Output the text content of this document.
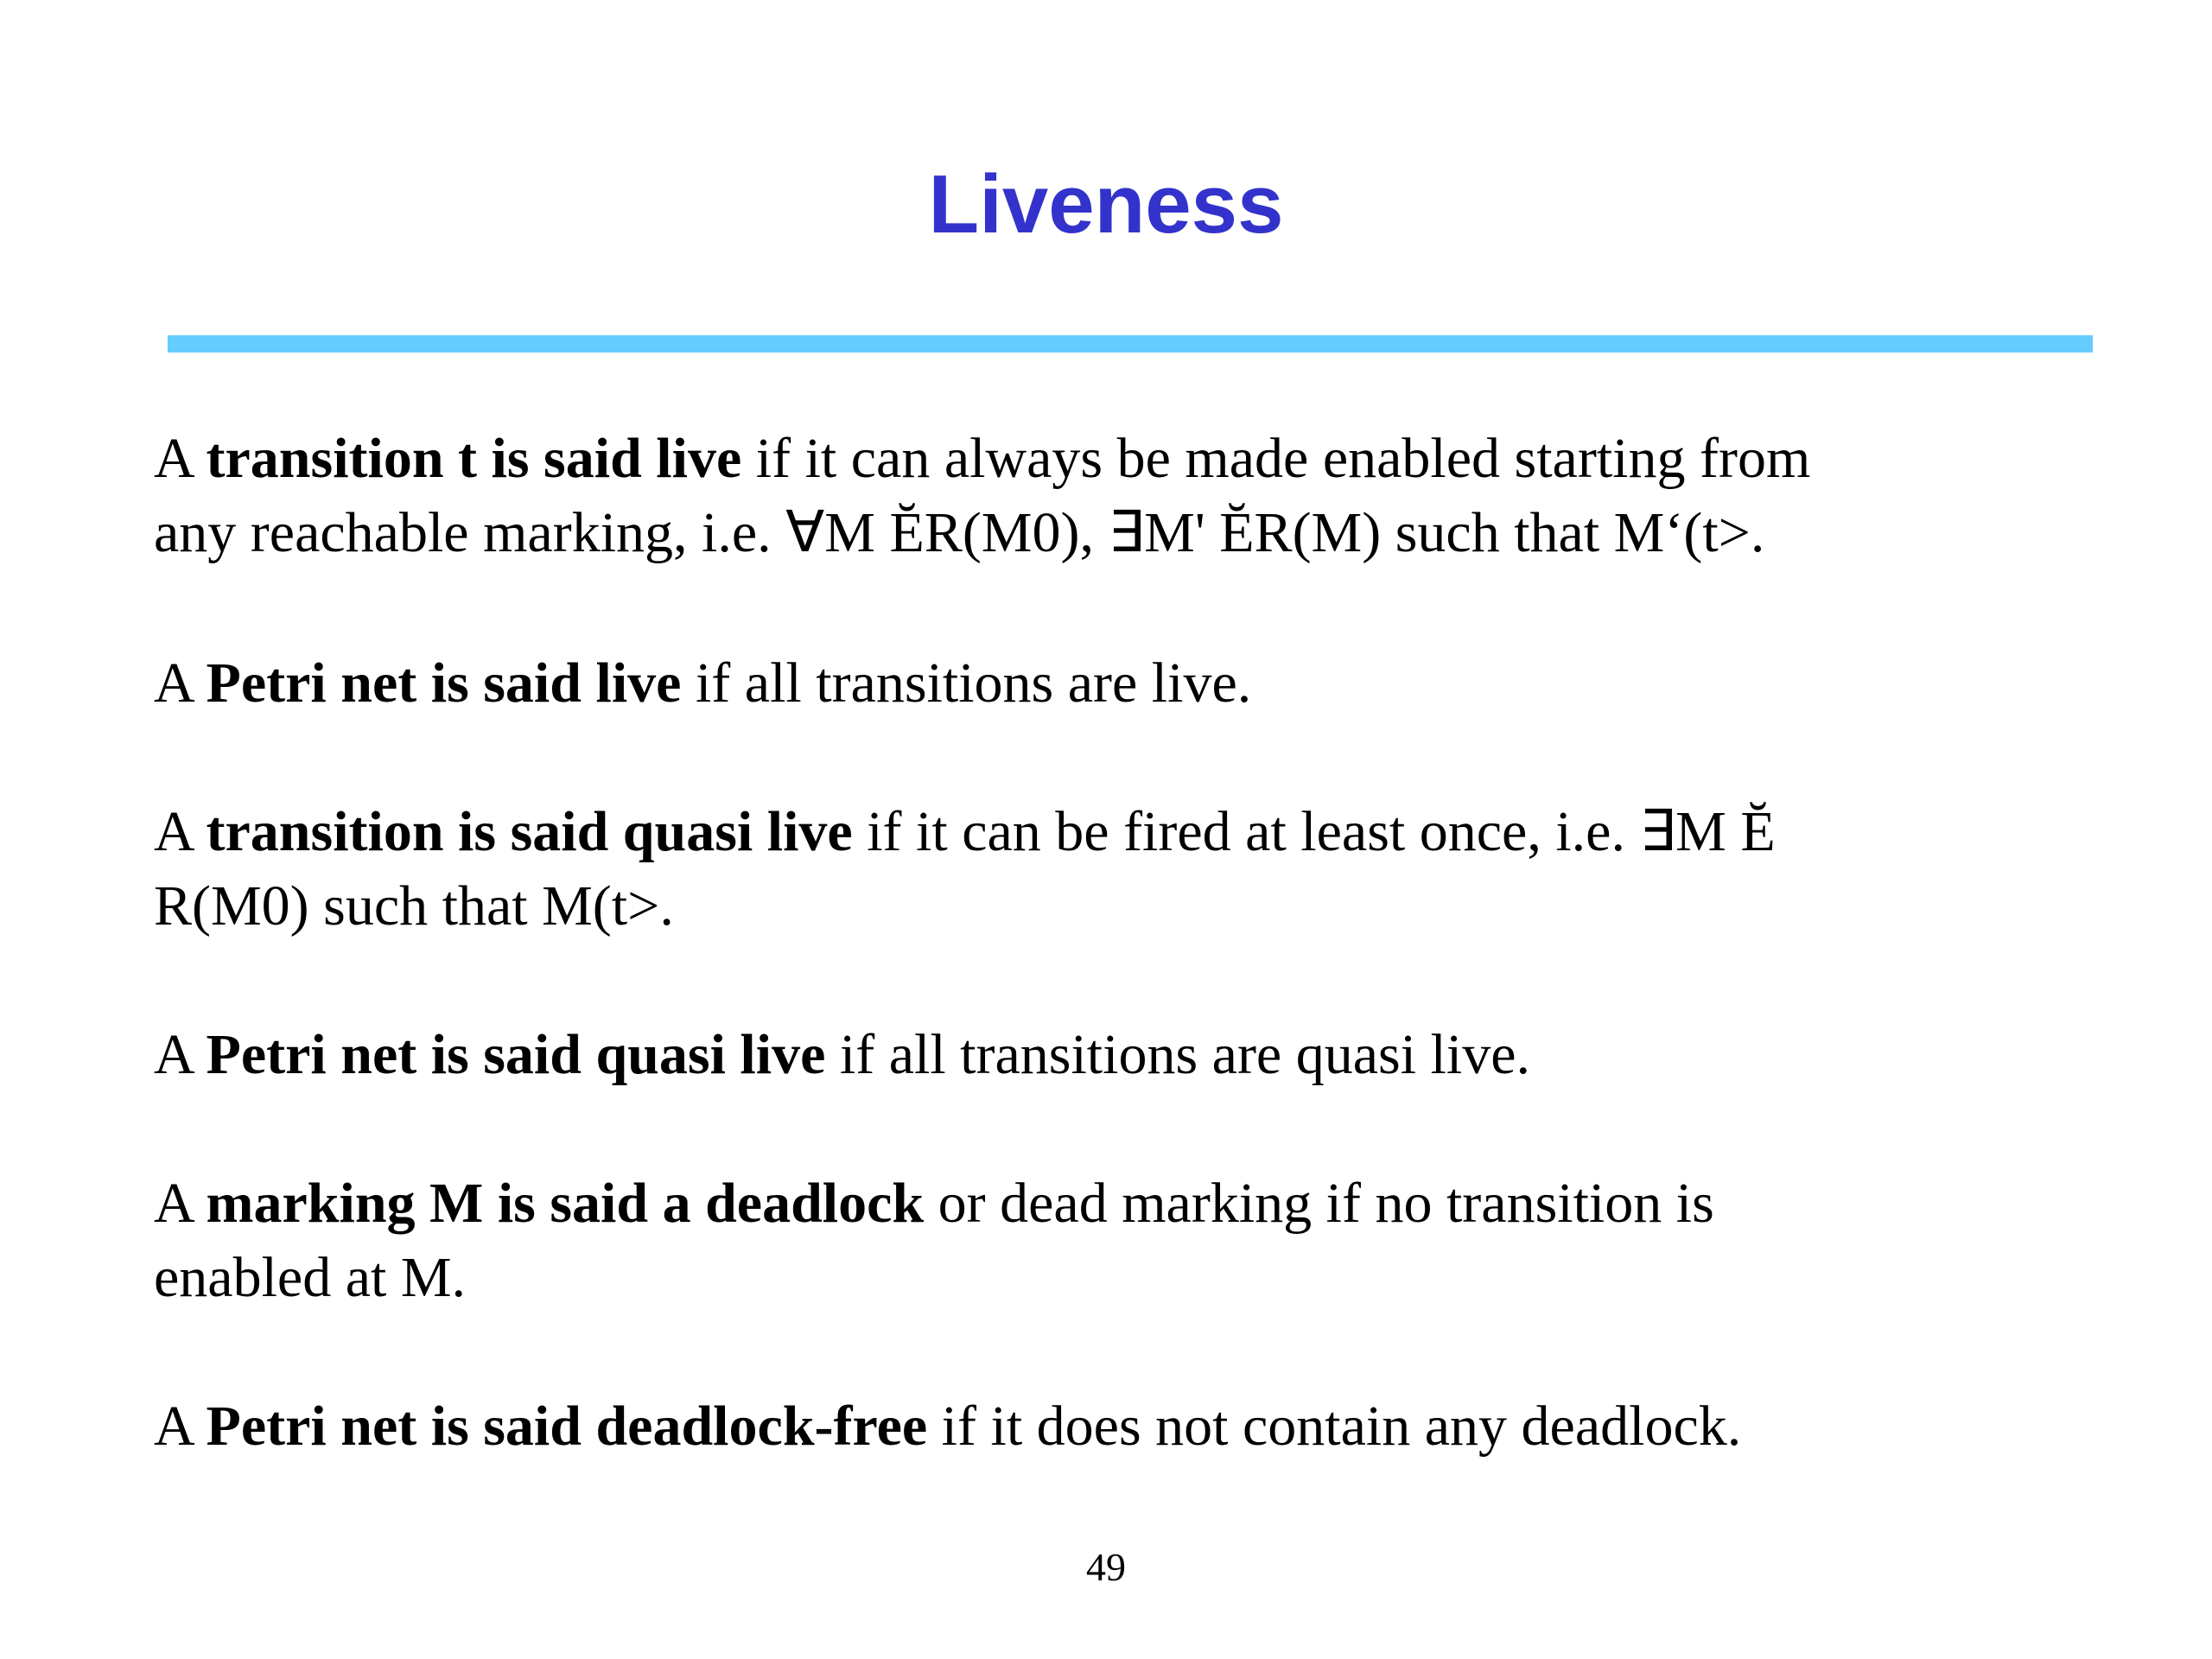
Liveness

A transition t is said live if it can always be made enabled starting from
any reachable marking, i.e. ∀M ĔR(M0), ∃M' ĔR(M) such that M‘(t>.

A Petri net is said live if all transitions are live.

A transition is said quasi live if it can be fired at least once, i.e. ∃M Ĕ
R(M0) such that M(t>.

A Petri net is said quasi live if all transitions are quasi live.

A marking M is said a deadlock or dead marking if no transition is
enabled at M.

A Petri net is said deadlock-free if it does not contain any deadlock.

49
